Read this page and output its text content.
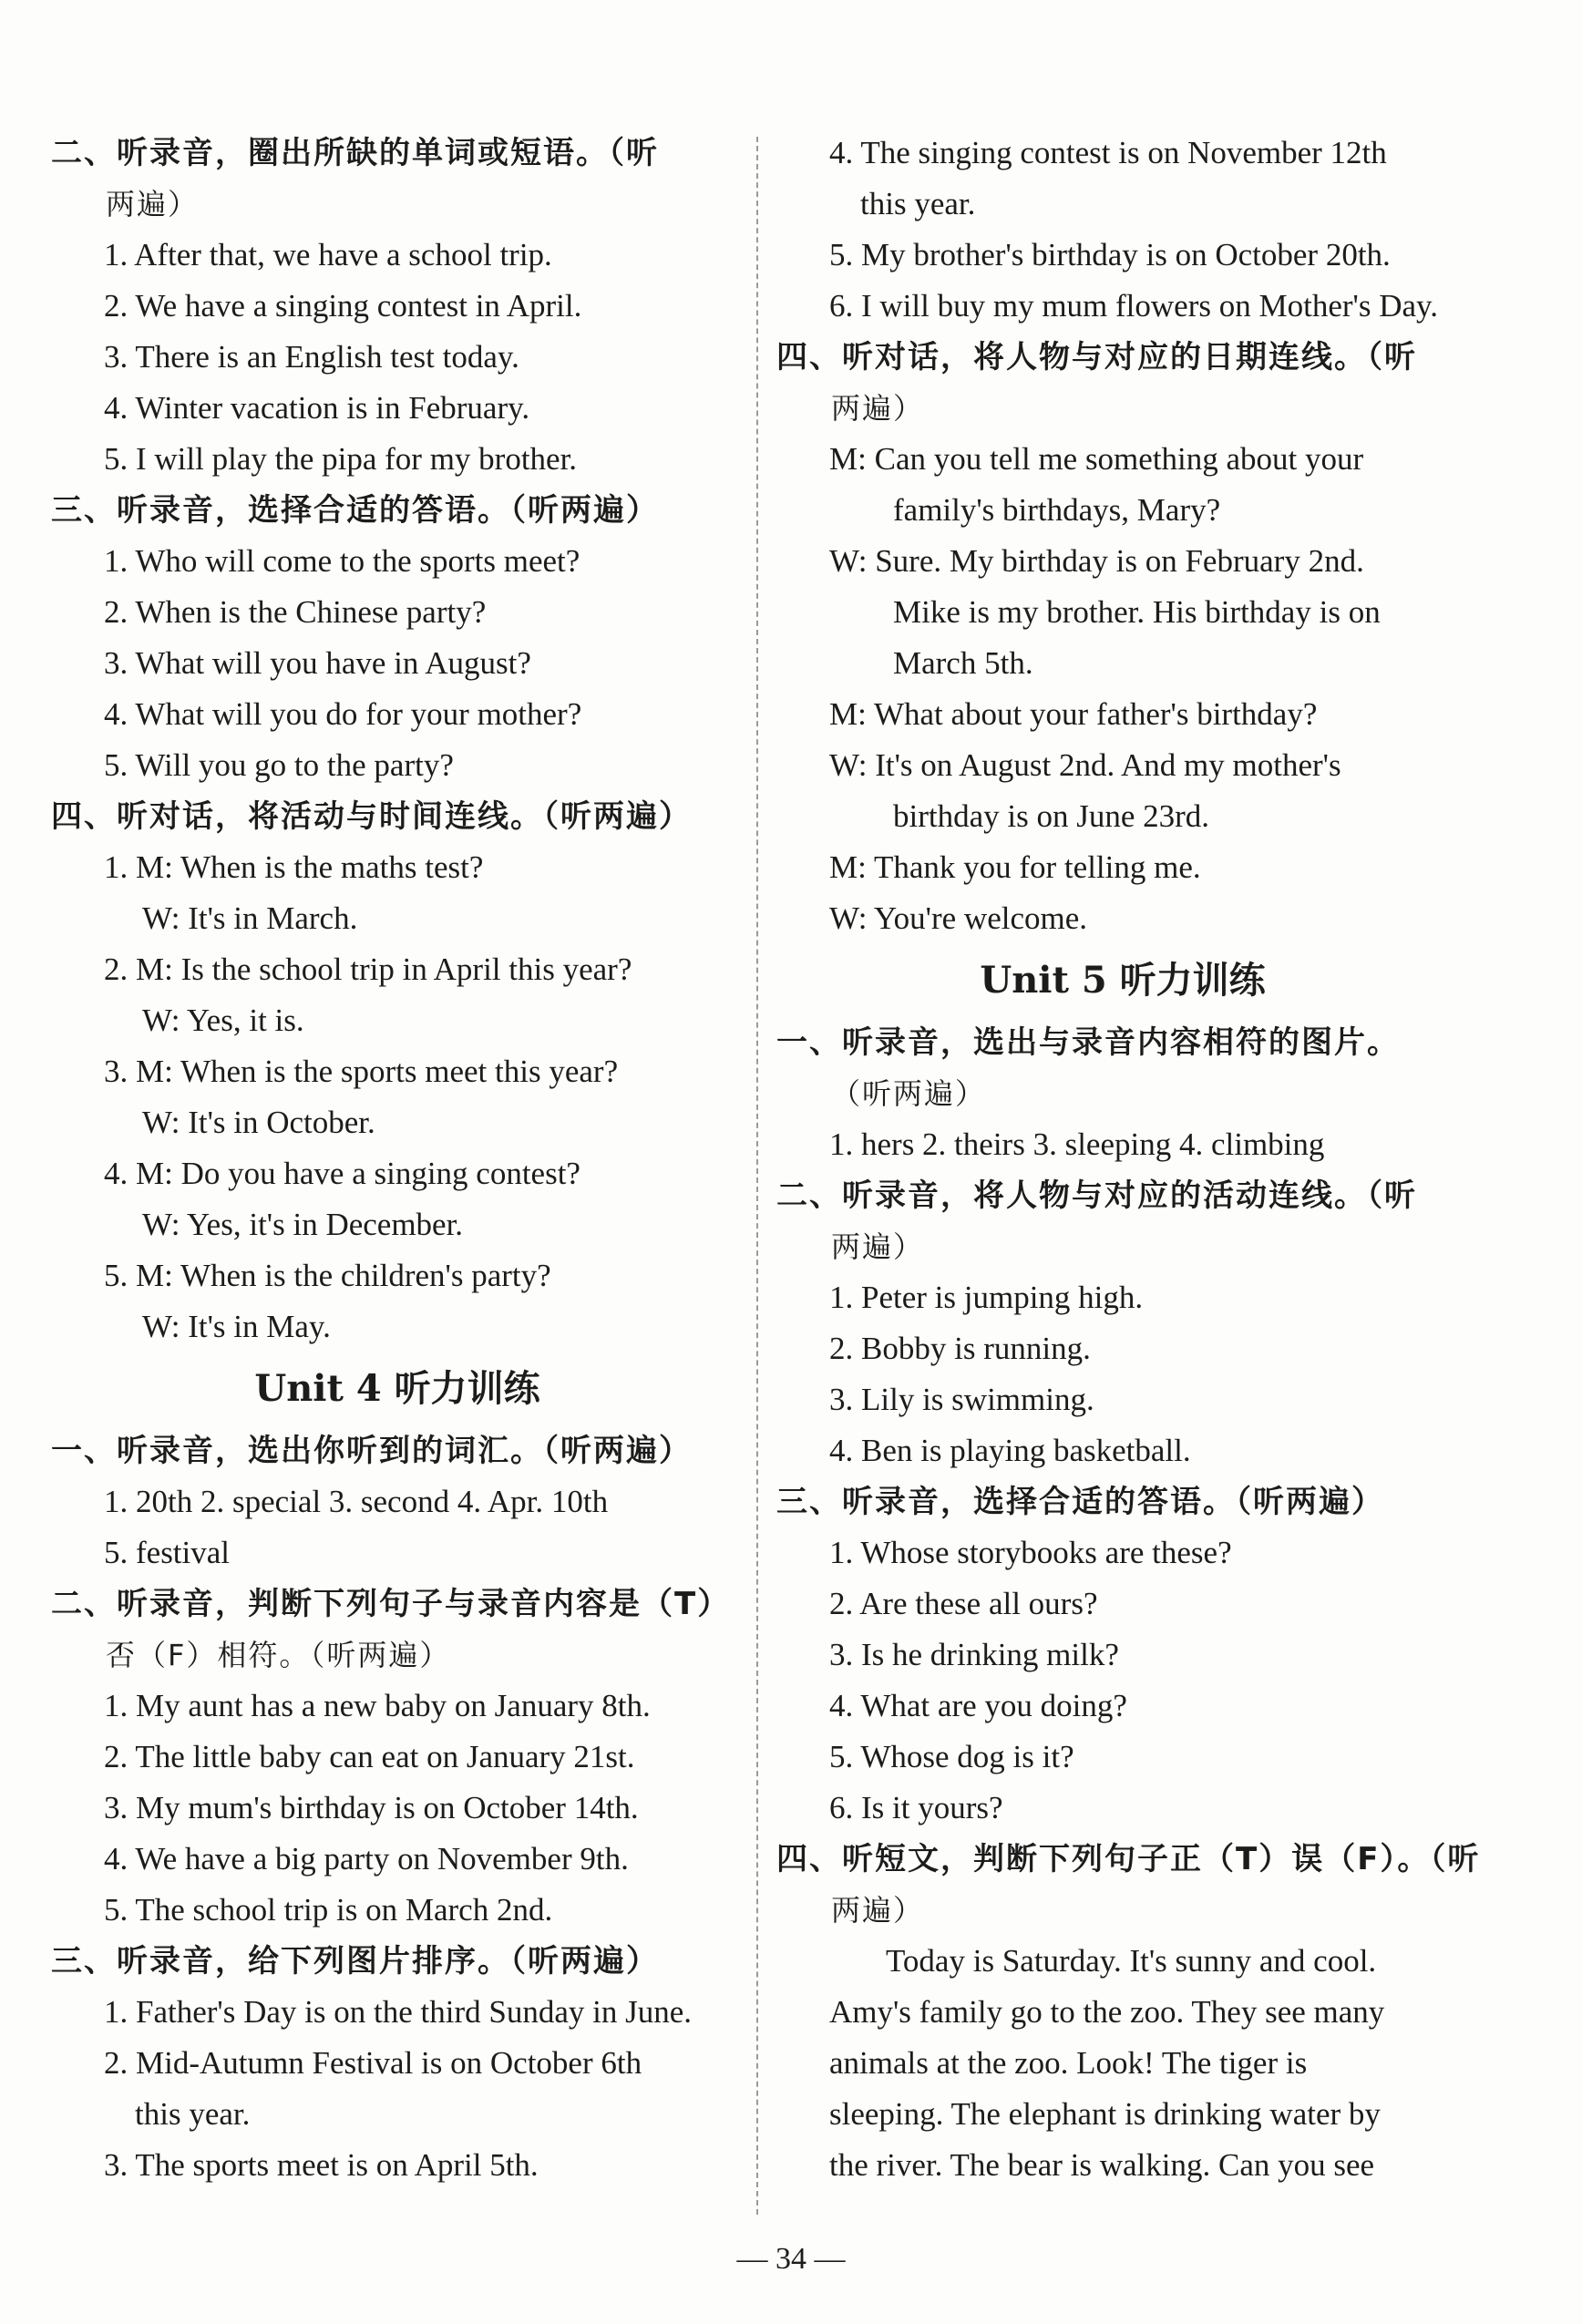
二、听录音，圈出所缺的单词或短语。（听
两遍）
1. After that, we have a school trip.
2. We have a singing contest in April.
3. There is an English test today.
4. Winter vacation is in February.
5. I will play the pipa for my brother.
三、听录音，选择合适的答语。（听两遍）
1. Who will come to the sports meet?
2. When is the Chinese party?
3. What will you have in August?
4. What will you do for your mother?
5. Will you go to the party?
四、听对话，将活动与时间连线。（听两遍）
1. M: When is the maths test?
W: It's in March.
2. M: Is the school trip in April this year?
W: Yes, it is.
3. M: When is the sports meet this year?
W: It's in October.
4. M: Do you have a singing contest?
W: Yes, it's in December.
5. M: When is the children's party?
W: It's in May.
Unit 4 听力训练
一、听录音，选出你听到的词汇。（听两遍）
1. 20th 2. special 3. second 4. Apr. 10th
5. festival
二、听录音，判断下列句子与录音内容是（T）
否（F）相符。（听两遍）
1. My aunt has a new baby on January 8th.
2. The little baby can eat on January 21st.
3. My mum's birthday is on October 14th.
4. We have a big party on November 9th.
5. The school trip is on March 2nd.
三、听录音，给下列图片排序。（听两遍）
1. Father's Day is on the third Sunday in June.
2. Mid-Autumn Festival is on October 6th
this year.
3. The sports meet is on April 5th.
4. The singing contest is on November 12th
this year.
5. My brother's birthday is on October 20th.
6. I will buy my mum flowers on Mother's Day.
四、听对话，将人物与对应的日期连线。（听
两遍）
M: Can you tell me something about your
family's birthdays, Mary?
W: Sure. My birthday is on February 2nd.
Mike is my brother. His birthday is on
March 5th.
M: What about your father's birthday?
W: It's on August 2nd. And my mother's
birthday is on June 23rd.
M: Thank you for telling me.
W: You're welcome.
Unit 5 听力训练
一、听录音，选出与录音内容相符的图片。
（听两遍）
1. hers 2. theirs 3. sleeping 4. climbing
二、听录音，将人物与对应的活动连线。（听
两遍）
1. Peter is jumping high.
2. Bobby is running.
3. Lily is swimming.
4. Ben is playing basketball.
三、听录音，选择合适的答语。（听两遍）
1. Whose storybooks are these?
2. Are these all ours?
3. Is he drinking milk?
4. What are you doing?
5. Whose dog is it?
6. Is it yours?
四、听短文，判断下列句子正（T）误（F）。（听
两遍）
Today is Saturday. It's sunny and cool.
Amy's family go to the zoo. They see many
animals at the zoo. Look! The tiger is
sleeping. The elephant is drinking water by
the river. The bear is walking. Can you see
— 34 —
